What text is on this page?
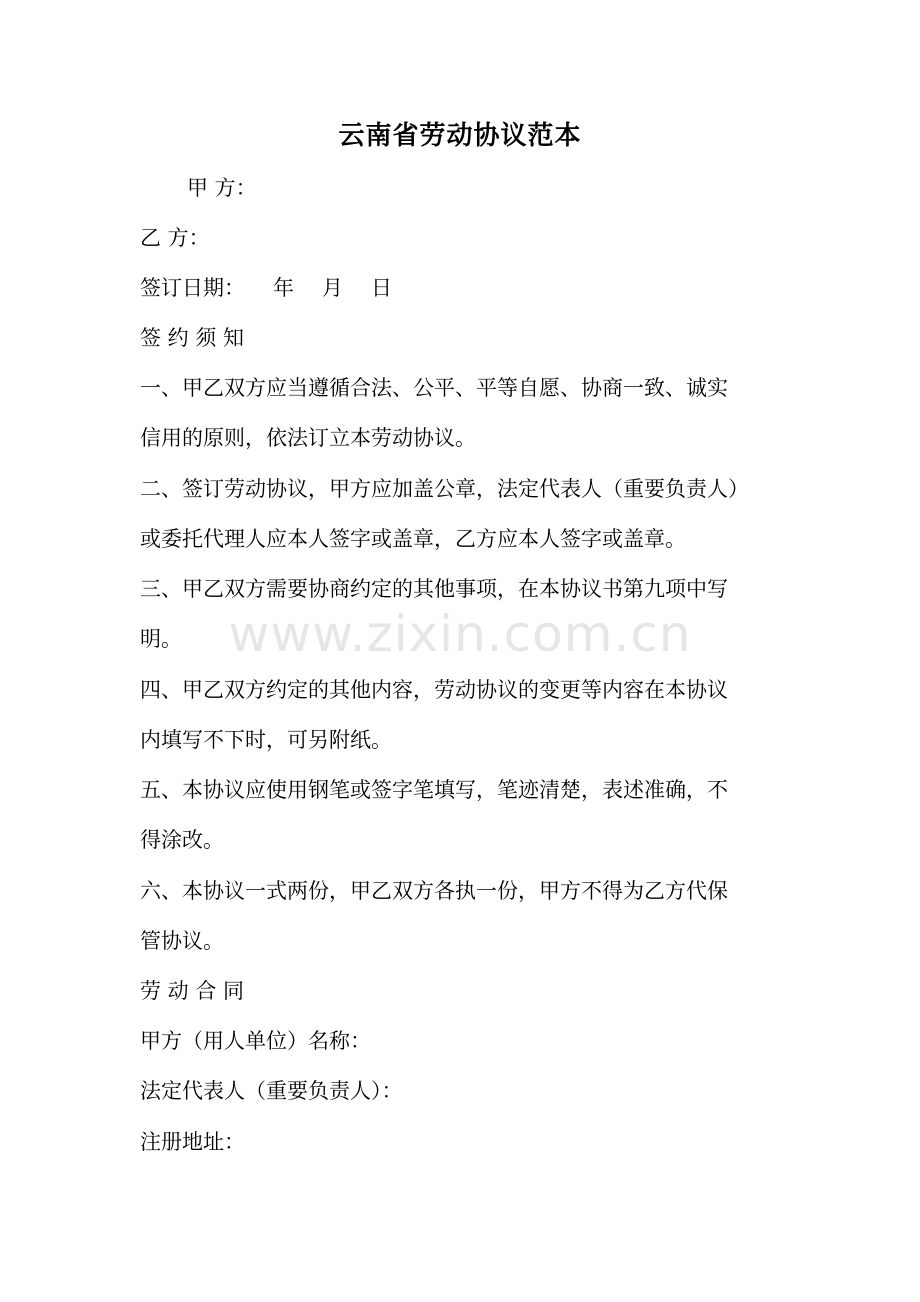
云南省劳动协议范本
甲 方：
乙 方：
签订日期： 年 月 日
签 约 须 知
一、甲乙双方应当遵循合法、公平、平等自愿、协商一致、诚实
信用的原则，依法订立本劳动协议。
二、签订劳动协议，甲方应加盖公章，法定代表人（重要负责人）
或委托代理人应本人签字或盖章，乙方应本人签字或盖章。
三、甲乙双方需要协商约定的其他事项，在本协议书第九项中写
明。
四、甲乙双方约定的其他内容，劳动协议的变更等内容在本协议
内填写不下时，可另附纸。
五、本协议应使用钢笔或签字笔填写，笔迹清楚，表述准确，不
得涂改。
六、本协议一式两份，甲乙双方各执一份，甲方不得为乙方代保
管协议。
劳 动 合 同
甲方（用人单位）名称：
法定代表人（重要负责人）：
注册地址：
www.zixin.com.cn
